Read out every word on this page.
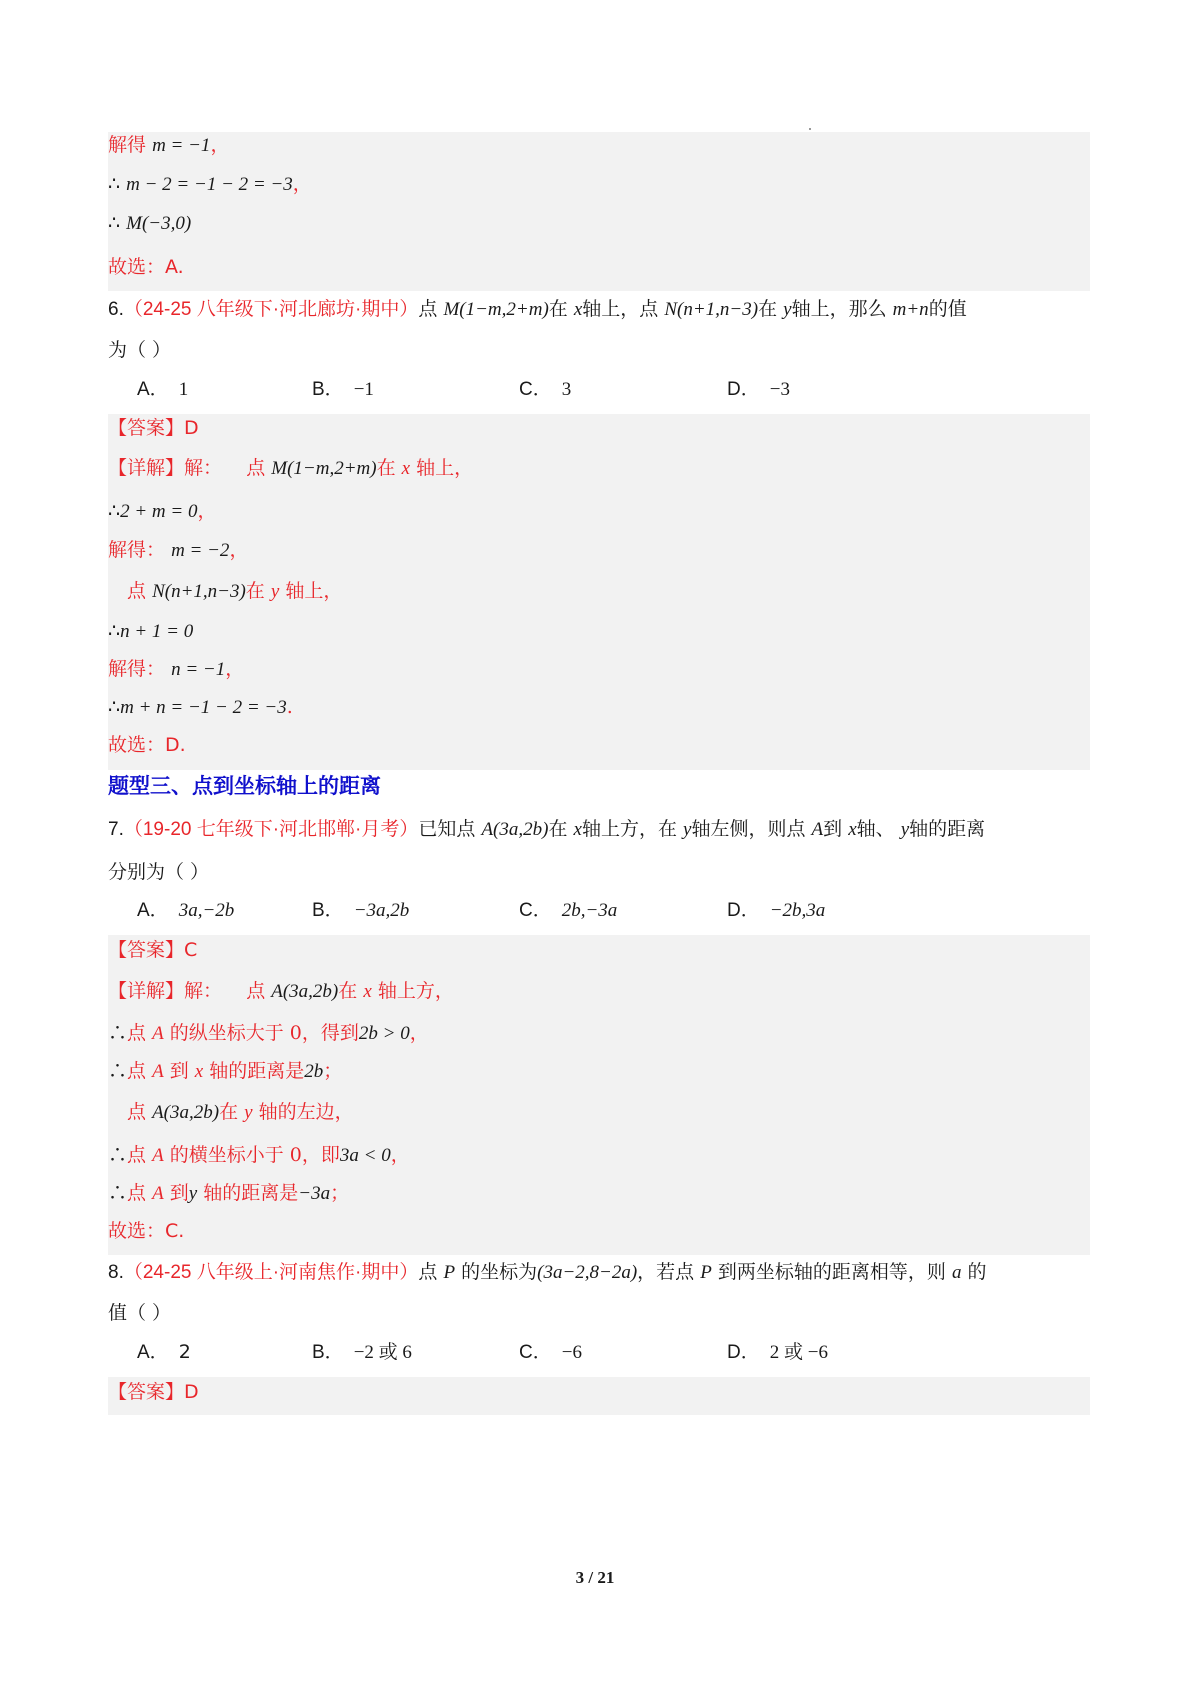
解得 m = −1，
∴ m − 2 = −1 − 2 = −3，
∴ M(−3,0)
故选：A.
6.（24-25 八年级下·河北廊坊·期中）点 M(1−m,2+m)在 x轴上，点 N(n+1,n−3)在 y轴上，那么 m+n的值
为（ ）
A． 1	B． −1	C． 3	D． −3
【答案】D
【详解】解： 点 M(1−m,2+m)在 x 轴上，
∴2 + m = 0，
解得： m = −2，
点 N(n+1,n−3)在 y 轴上，
∴n + 1 = 0
解得： n = −1，
∴m + n = −1 − 2 = −3.
故选：D.
题型三、点到坐标轴上的距离
7.（19-20 七年级下·河北邯郸·月考）已知点 A(3a,2b)在 x轴上方，在 y轴左侧，则点 A到 x轴、 y轴的距离
分别为（ ）
A． 3a,−2b	B． −3a,2b	C． 2b,−3a	D． −2b,3a
【答案】C
【详解】解： 点 A(3a,2b)在 x 轴上方，
∴点 A 的纵坐标大于 0，得到2b > 0，
∴点 A 到 x 轴的距离是2b；
点 A(3a,2b)在 y 轴的左边，
∴点 A 的横坐标小于 0，即3a < 0，
∴点 A 到y 轴的距离是−3a；
故选：C.
8.（24-25 八年级上·河南焦作·期中）点 P 的坐标为(3a−2,8−2a)，若点 P 到两坐标轴的距离相等，则 a 的
值（ ）
A． 2	B． −2 或 6	C． −6	D． 2 或 −6
【答案】D
3 / 21
